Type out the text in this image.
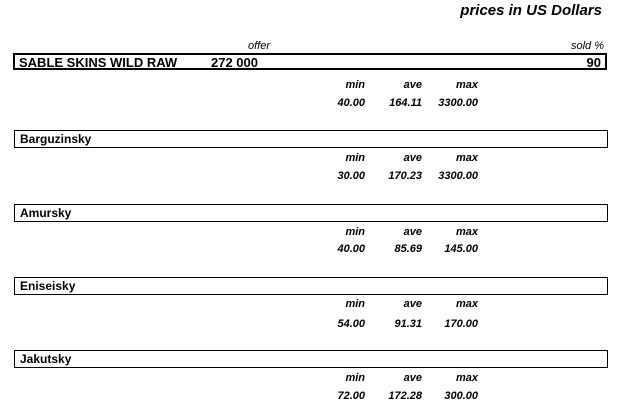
prices in US Dollars
offer	sold %
SABLE SKINS WILD RAW	272 000	90
min	ave	max
40.00	164.11	3300.00
Barguzinsky
min	ave	max
30.00	170.23	3300.00
Amursky
min	ave	max
40.00	85.69	145.00
Eniseisky
min	ave	max
54.00	91.31	170.00
Jakutsky
min	ave	max
72.00	172.28	300.00
